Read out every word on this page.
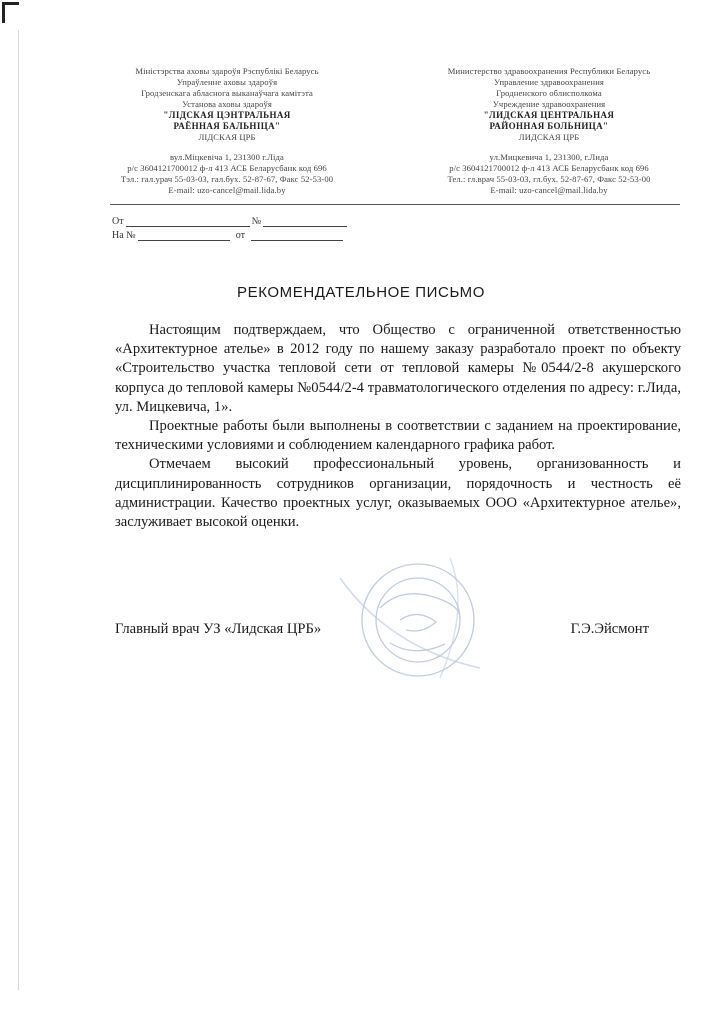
Міністэрства аховы здароўя Рэспублікі Беларусь
Упраўленне аховы здароўя
Гродзенскага абласнога выканаўчага камітэта
Установа аховы здароўя
"ЛІДСКАЯ ЦЭНТРАЛЬНАЯ
РАЁННАЯ БАЛЬНІЦА"
ЛІДСКАЯ ЦРБ
вул.Міцкевіча 1, 231300 г.Ліда
р/с 3604121700012 ф-л 413 АСБ Беларусбанк код 696
Тэл.: гал.урач 55-03-03, гал.бух. 52-87-67, Факс 52-53-00
E-mail: uzo-cancel@mail.lida.by
Министерство здравоохранения Республики Беларусь
Управление здравоохранения
Гродненского облисполкома
Учреждение здравоохранения
"ЛИДСКАЯ ЦЕНТРАЛЬНАЯ
РАЙОННАЯ БОЛЬНИЦА"
ЛИДСКАЯ ЦРБ
ул.Мицкевича 1, 231300, г.Лида
р/с 3604121700012 ф-л 413 АСБ Беларусбанк код 696
Тел.: гл.врач 55-03-03, гл.бух. 52-87-67, Факс 52-53-00
E-mail: uzo-cancel@mail.lida.by
От	№
На №	от
РЕКОМЕНДАТЕЛЬНОЕ ПИСЬМО

Настоящим подтверждаем, что Общество с ограниченной ответственностью «Архитектурное ателье» в 2012 году по нашему заказу разработало проект по объекту «Строительство участка тепловой сети от тепловой камеры №0544/2-8 акушерского корпуса до тепловой камеры №0544/2-4 травматологического отделения по адресу: г.Лида, ул. Мицкевича, 1».

Проектные работы были выполнены в соответствии с заданием на проектирование, техническими условиями и соблюдением календарного графика работ.

Отмечаем высокий профессиональный уровень, организованность и дисциплинированность сотрудников организации, порядочность и честность её администрации. Качество проектных услуг, оказываемых ООО «Архитектурное ателье», заслуживает высокой оценки.

Главный врач УЗ «Лидская ЦРБ»	Г.Э.Эйсмонт
